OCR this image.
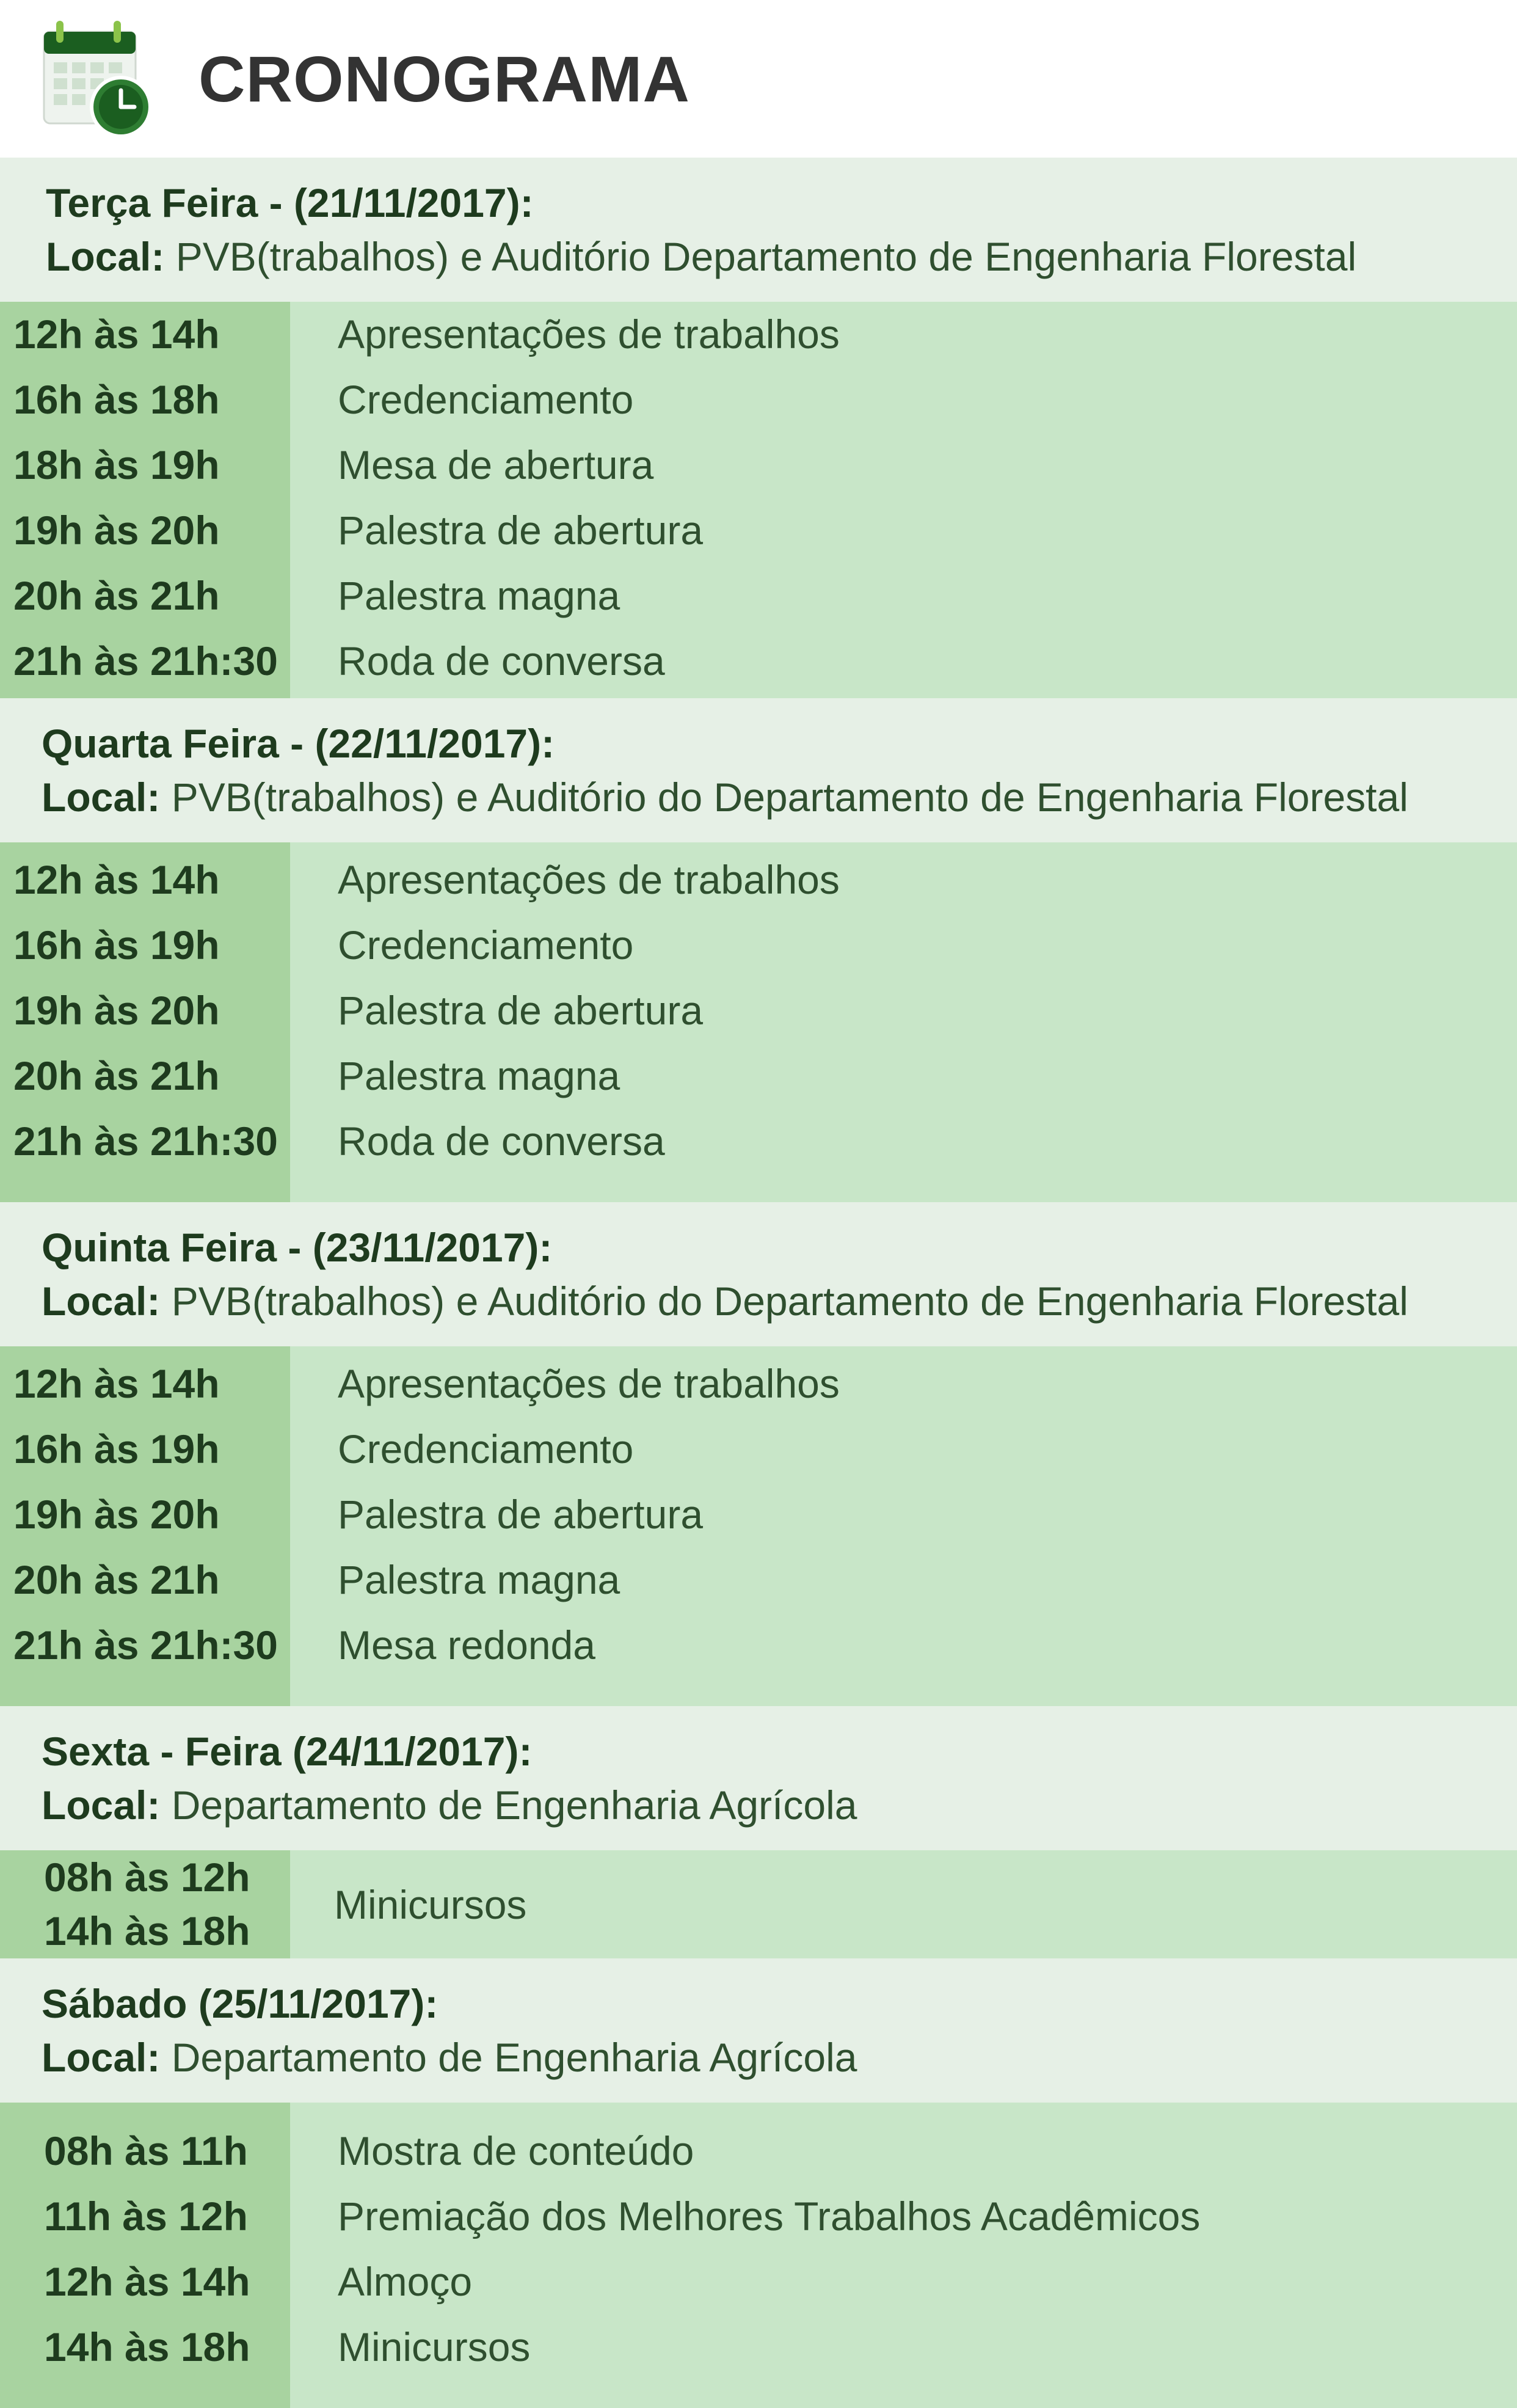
CRONOGRAMA
Terça Feira - (21/11/2017):
Local: PVB(trabalhos) e Auditório Departamento de Engenharia Florestal
12h às 14h
16h às 18h
18h às 19h
19h às 20h
20h às 21h
21h às 21h:30
Apresentações de trabalhos
Credenciamento
Mesa de abertura
Palestra de abertura
Palestra magna
Roda de conversa
Quarta Feira - (22/11/2017):
Local: PVB(trabalhos) e Auditório do Departamento de Engenharia Florestal
12h às 14h
16h às 19h
19h às 20h
20h às 21h
21h às 21h:30
Apresentações de trabalhos
Credenciamento
Palestra de abertura
Palestra magna
Roda de conversa
Quinta Feira - (23/11/2017):
Local: PVB(trabalhos) e Auditório do Departamento de Engenharia Florestal
12h às 14h
16h às 19h
19h às 20h
20h às 21h
21h às 21h:30
Apresentações de trabalhos
Credenciamento
Palestra de abertura
Palestra magna
Mesa redonda
Sexta - Feira (24/11/2017):
Local: Departamento de Engenharia Agrícola
08h às 12h
14h às 18h
Minicursos
Sábado (25/11/2017):
Local: Departamento de Engenharia Agrícola
08h às 11h
11h às 12h
12h às 14h
14h às 18h
Mostra de conteúdo
Premiação dos Melhores Trabalhos Acadêmicos
Almoço
Minicursos
